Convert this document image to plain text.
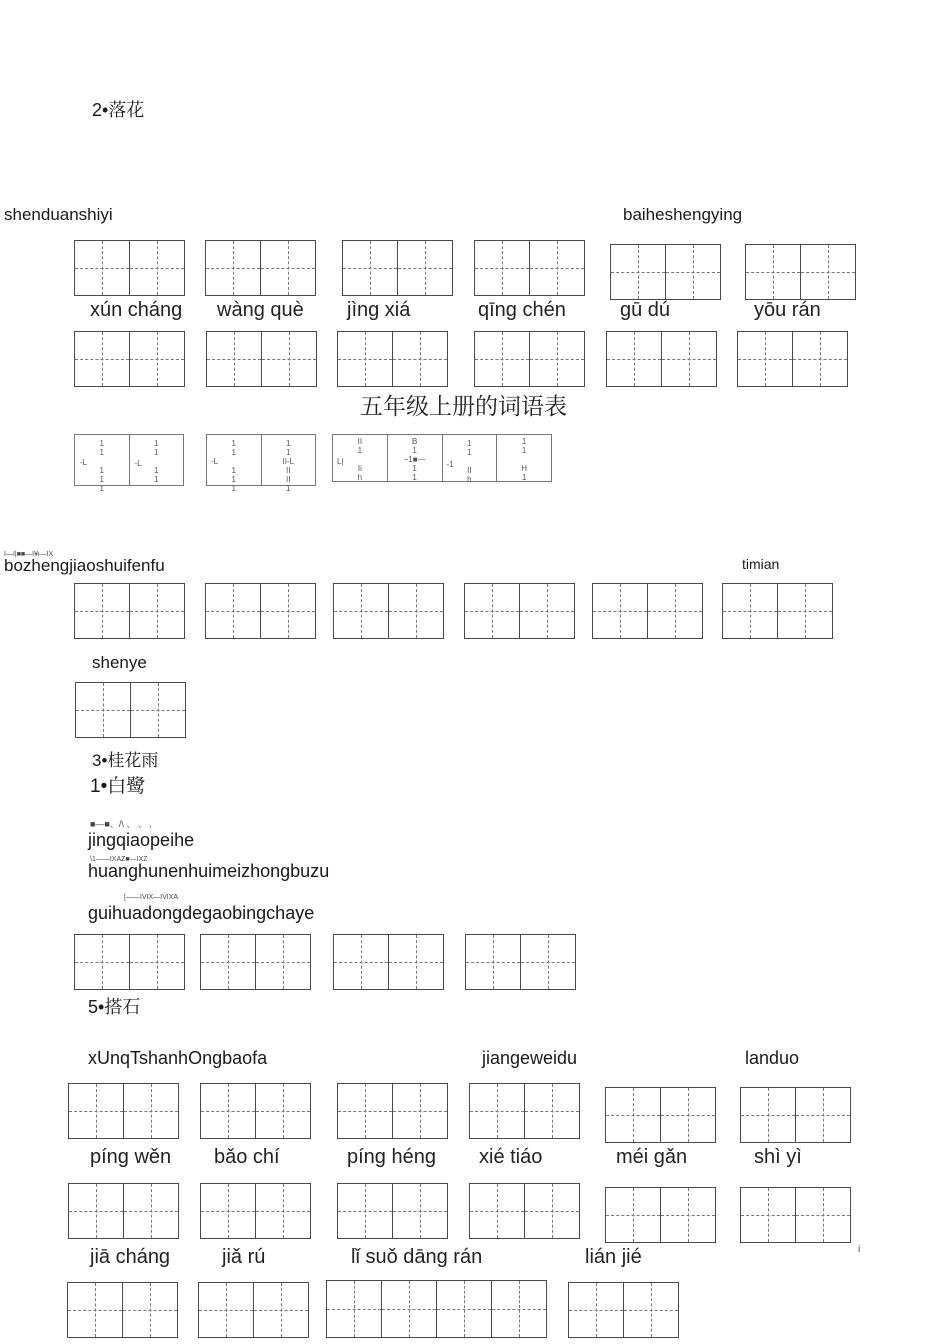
2•落花
shenduanshiyi	baiheshengying
xún cháng wàng què jìng xiá	qīng chén	gū dú	yōu rán
五年级上册的词语表
1
1

1
1
1
-L
1
1

1
1
-L
1
1

1
1
1
-L
1
1
II-L
II
II
1
II
1

Ii
h
L|
B
1
−1■—
1
1
1
1

II
h
-1
1
1

H
1
I—I|■■—I¥i—IX
bozhengjiaoshuifenfu	timian
shenye
3•桂花雨
1•白鹭
■—■、/\ 、 、 ,
jingqiaopeihe
\1——IXAZ■—IXZ
huanghunenhuimeizhongbuzu
[——IVIX—IVIXA
guihuadongdegaobingchaye
5•搭石
xUnqTshanhOngbaofa	jiangeweidu	landuo
píng wěn bǎo chí	píng héng xié tiáo	méi gǎn	shì yì
jiā cháng	jiǎ rú	lǐ suǒ dāng rán	lián jié	i
